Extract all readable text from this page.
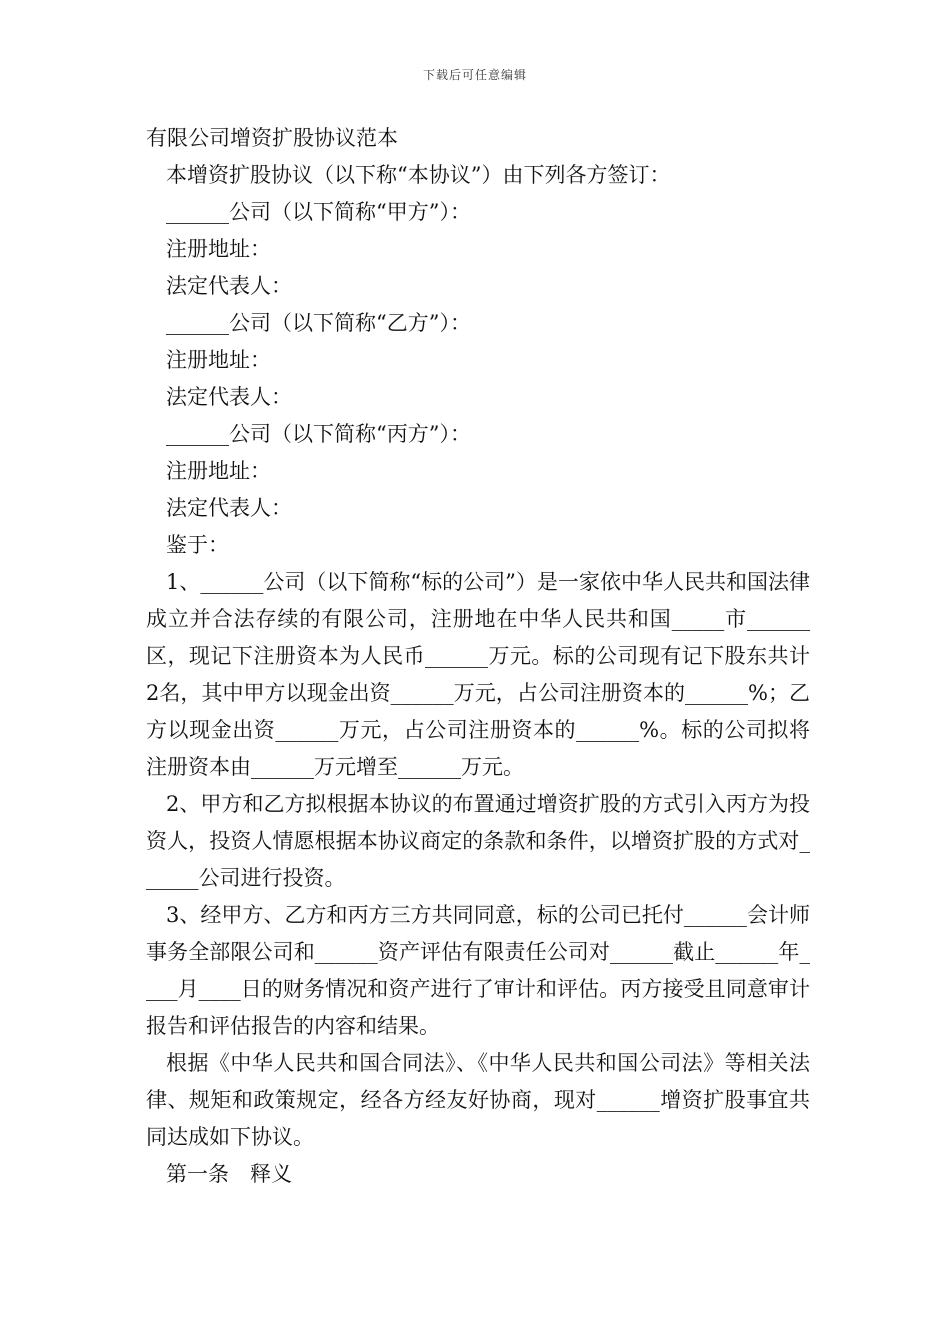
下载后可任意编辑
有限公司增资扩股协议范本
本增资扩股协议（以下称“本协议”）由下列各方签订：
______公司（以下简称“甲方”）：
注册地址：
法定代表人：
______公司（以下简称“乙方”）：
注册地址：
法定代表人：
______公司（以下简称“丙方”）：
注册地址：
法定代表人：
鉴于：
1、______公司（以下简称“标的公司”）是一家依中华人民共和国法律成立并合法存续的有限公司，注册地在中华人民共和国_____市______区，现记下注册资本为人民币______万元。标的公司现有记下股东共计2名，其中甲方以现金出资______万元，占公司注册资本的______%；乙方以现金出资______万元，占公司注册资本的______%。标的公司拟将注册资本由______万元增至______万元。
2、甲方和乙方拟根据本协议的布置通过增资扩股的方式引入丙方为投资人，投资人情愿根据本协议商定的条款和条件，以增资扩股的方式对______公司进行投资。
3、经甲方、乙方和丙方三方共同同意，标的公司已托付______会计师事务全部限公司和______资产评估有限责任公司对______截止______年____月____日的财务情况和资产进行了审计和评估。丙方接受且同意审计报告和评估报告的内容和结果。
根据《中华人民共和国合同法》、《中华人民共和国公司法》等相关法律、规矩和政策规定，经各方经友好协商，现对______增资扩股事宜共同达成如下协议。
第一条　释义
